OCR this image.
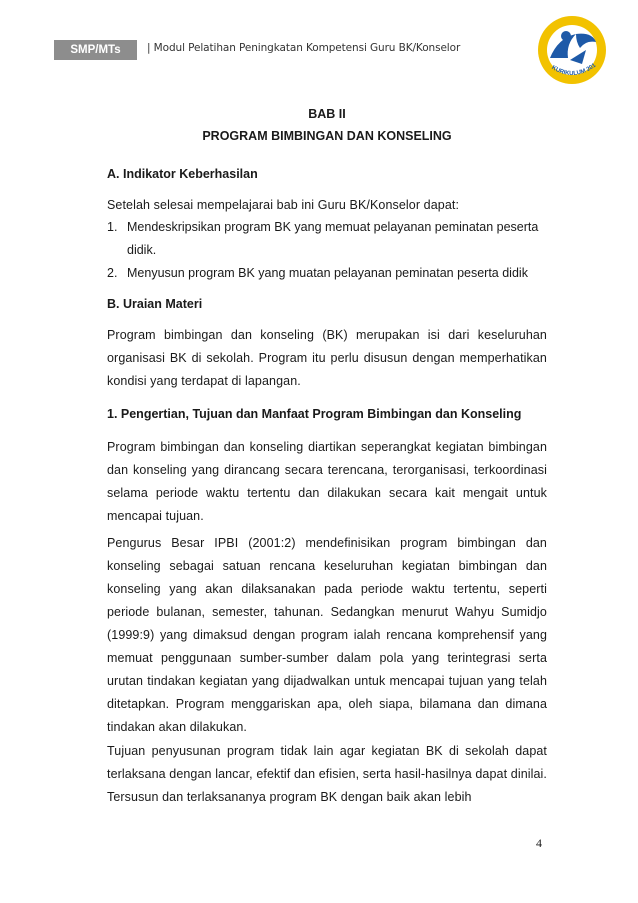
SMP/MTs	| Modul Pelatihan Peningkatan Kompetensi Guru BK/Konselor
KURIKULUM 201
BAB II
PROGRAM BIMBINGAN DAN KONSELING
A. Indikator Keberhasilan
Setelah selesai mempelajarai bab ini Guru BK/Konselor dapat:
1. Mendeskripsikan program BK yang memuat pelayanan peminatan peserta didik.
2. Menyusun program BK yang muatan pelayanan peminatan peserta didik
B. Uraian Materi
Program bimbingan dan konseling (BK) merupakan isi dari keseluruhan organisasi BK di sekolah. Program itu perlu disusun dengan memperhatikan kondisi yang terdapat di lapangan.
1. Pengertian, Tujuan dan Manfaat Program Bimbingan dan Konseling
Program bimbingan dan konseling diartikan seperangkat kegiatan bimbingan dan konseling yang dirancang secara terencana, terorganisasi, terkoordinasi selama periode waktu tertentu dan dilakukan secara kait mengait untuk mencapai tujuan.
Pengurus Besar IPBI (2001:2) mendefinisikan program bimbingan dan konseling sebagai satuan rencana keseluruhan kegiatan bimbingan dan konseling yang akan dilaksanakan pada periode waktu tertentu, seperti periode bulanan, semester, tahunan. Sedangkan menurut Wahyu Sumidjo (1999:9) yang dimaksud dengan program ialah rencana komprehensif yang memuat penggunaan sumber-sumber dalam pola yang terintegrasi serta urutan tindakan kegiatan yang dijadwalkan untuk mencapai tujuan yang telah ditetapkan. Program menggariskan apa, oleh siapa, bilamana dan dimana tindakan akan dilakukan.
Tujuan penyusunan program tidak lain agar kegiatan BK di sekolah dapat terlaksana dengan lancar, efektif dan efisien, serta hasil-hasilnya dapat dinilai. Tersusun dan terlaksananya program BK dengan baik akan lebih
4
